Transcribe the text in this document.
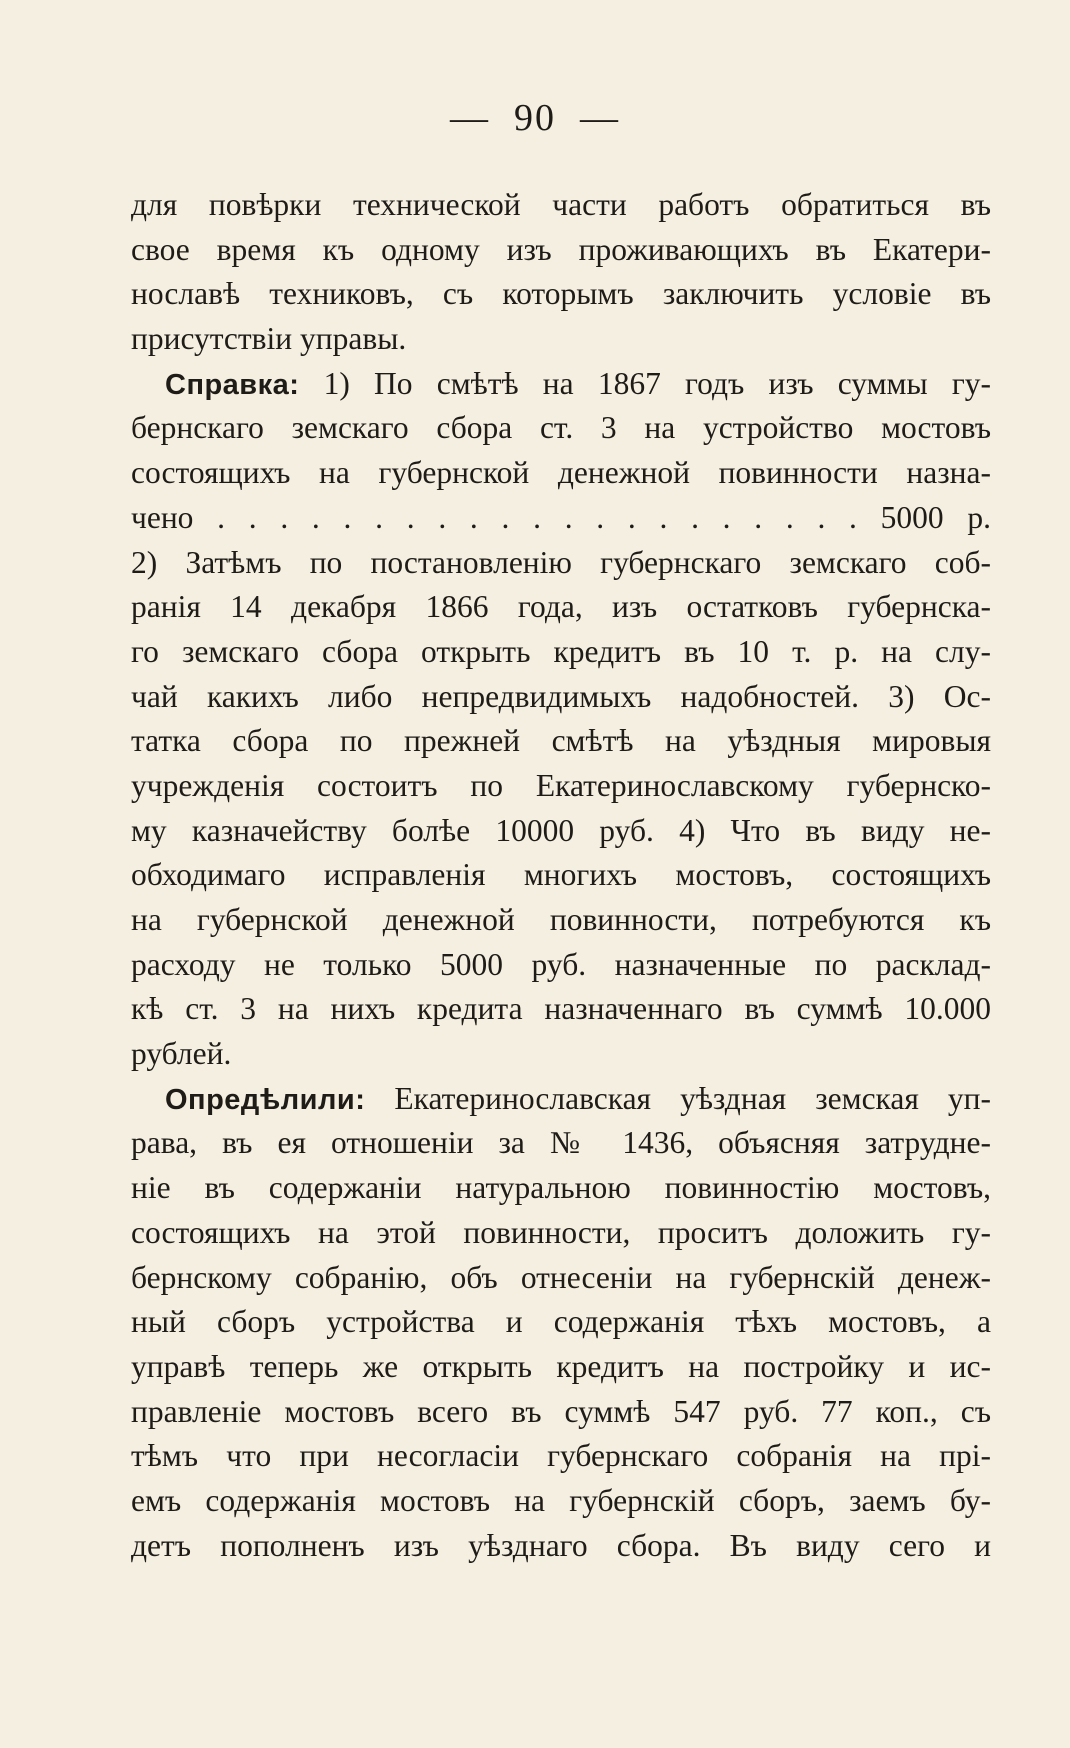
— 90 —
для повѣрки технической части работъ обратиться въ
свое время къ одному изъ проживающихъ въ Екатери-
нославѣ техниковъ, съ которымъ заключить условіе въ
присутствіи управы.
Справка: 1) По смѣтѣ на 1867 годъ изъ суммы гу-
бернскаго земскаго сбора ст. 3 на устройство мостовъ
состоящихъ на губернской денежной повинности назна-
чено . . . . . . . . . . . . . . . . . . . . . 5000 р.
2) Затѣмъ по постановленію губернскаго земскаго соб-
ранія 14 декабря 1866 года, изъ остатковъ губернска-
го земскаго сбора открыть кредитъ въ 10 т. р. на слу-
чай какихъ либо непредвидимыхъ надобностей. 3) Ос-
татка сбора по прежней смѣтѣ на уѣздныя мировыя
учрежденія состоитъ по Екатеринославскому губернско-
му казначейству болѣе 10000 руб. 4) Что въ виду не-
обходимаго исправленія многихъ мостовъ, состоящихъ
на губернской денежной повинности, потребуются къ
расходу не только 5000 руб. назначенные по расклад-
кѣ ст. 3 на нихъ кредита назначеннаго въ суммѣ 10.000
рублей.
Опредѣлили: Екатеринославская уѣздная земская уп-
рава, въ ея отношеніи за № 1436, объясняя затрудне-
ніе въ содержаніи натуральною повинностію мостовъ,
состоящихъ на этой повинности, проситъ доложить гу-
бернскому собранію, объ отнесеніи на губернскій денеж-
ный сборъ устройства и содержанія тѣхъ мостовъ, а
управѣ теперь же открыть кредитъ на постройку и ис-
правленіе мостовъ всего въ суммѣ 547 руб. 77 коп., съ
тѣмъ что при несогласіи губернскаго собранія на прі-
емъ содержанія мостовъ на губернскій сборъ, заемъ бу-
детъ пополненъ изъ уѣзднаго сбора. Въ виду сего и
